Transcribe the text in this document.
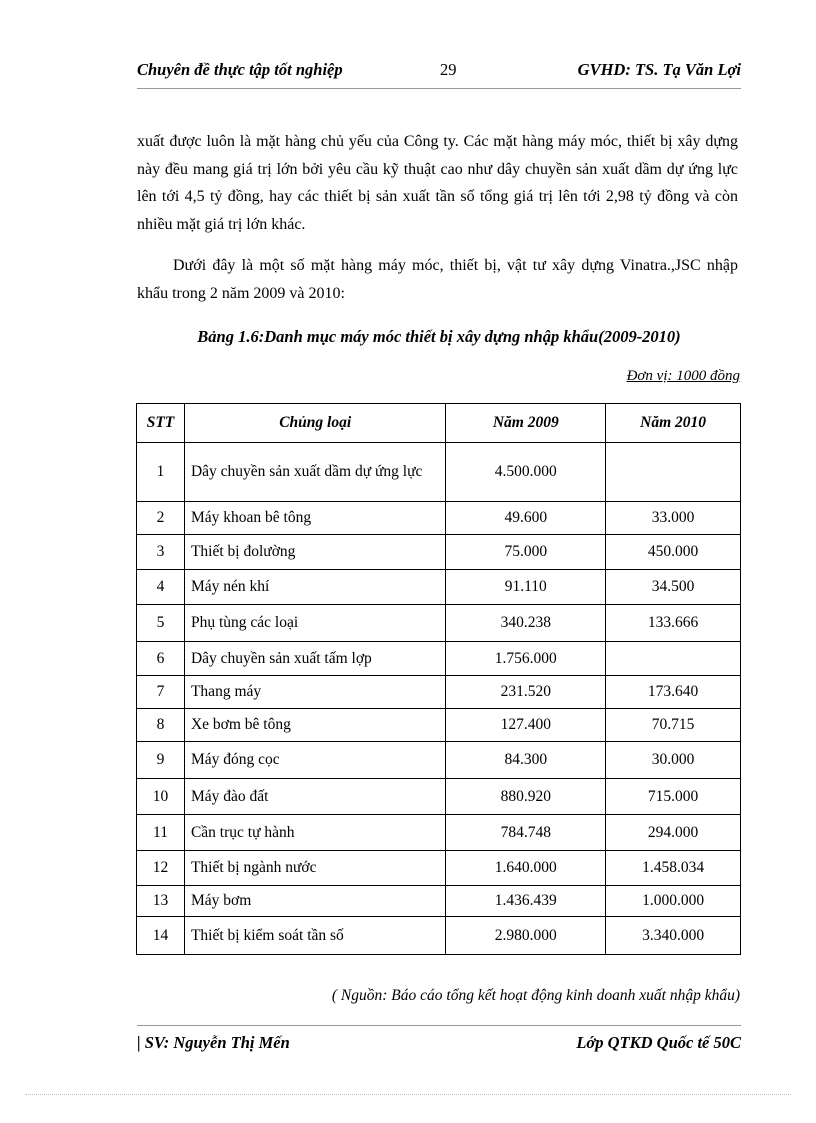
Chuyên đề thực tập tốt nghiệp	29	GVHD: TS. Tạ Văn Lợi
xuất được luôn là mặt hàng chủ yếu của Công ty. Các mặt hàng máy móc, thiết bị xây dựng này đều mang giá trị lớn bởi yêu cầu kỹ thuật cao như dây chuyền sản xuất dầm dự ứng lực lên tới 4,5 tỷ đồng, hay các thiết bị sản xuất tần số tổng giá trị lên tới 2,98 tỷ đồng và còn nhiều mặt giá trị lớn khác.
Dưới đây là một số mặt hàng máy móc, thiết bị, vật tư xây dựng Vinatra.,JSC nhập khẩu trong 2 năm 2009 và 2010:
Bảng 1.6:Danh mục máy móc thiết bị xây dựng nhập khẩu(2009-2010)
Đơn vị: 1000 đồng
STT	Chủng loại	Năm 2009	Năm 2010
1	Dây chuyền sản xuất dầm dự ứng lực	4.500.000	
2	Máy khoan bê tông	49.600	33.000
3	Thiết bị đolường	75.000	450.000
4	Máy nén khí	91.110	34.500
5	Phụ tùng các loại	340.238	133.666
6	Dây chuyền sản xuất tấm lợp	1.756.000	
7	Thang máy	231.520	173.640
8	Xe bơm bê tông	127.400	70.715
9	Máy đóng cọc	84.300	30.000
10	Máy đào đất	880.920	715.000
11	Cần trục tự hành	784.748	294.000
12	Thiết bị ngành nước	1.640.000	1.458.034
13	Máy bơm	1.436.439	1.000.000
14	Thiết bị kiểm soát tần số	2.980.000	3.340.000
( Nguồn: Báo cáo tổng kết hoạt động kinh doanh xuất nhập khẩu)
| SV: Nguyễn Thị Mến	Lớp QTKD Quốc tế 50C
